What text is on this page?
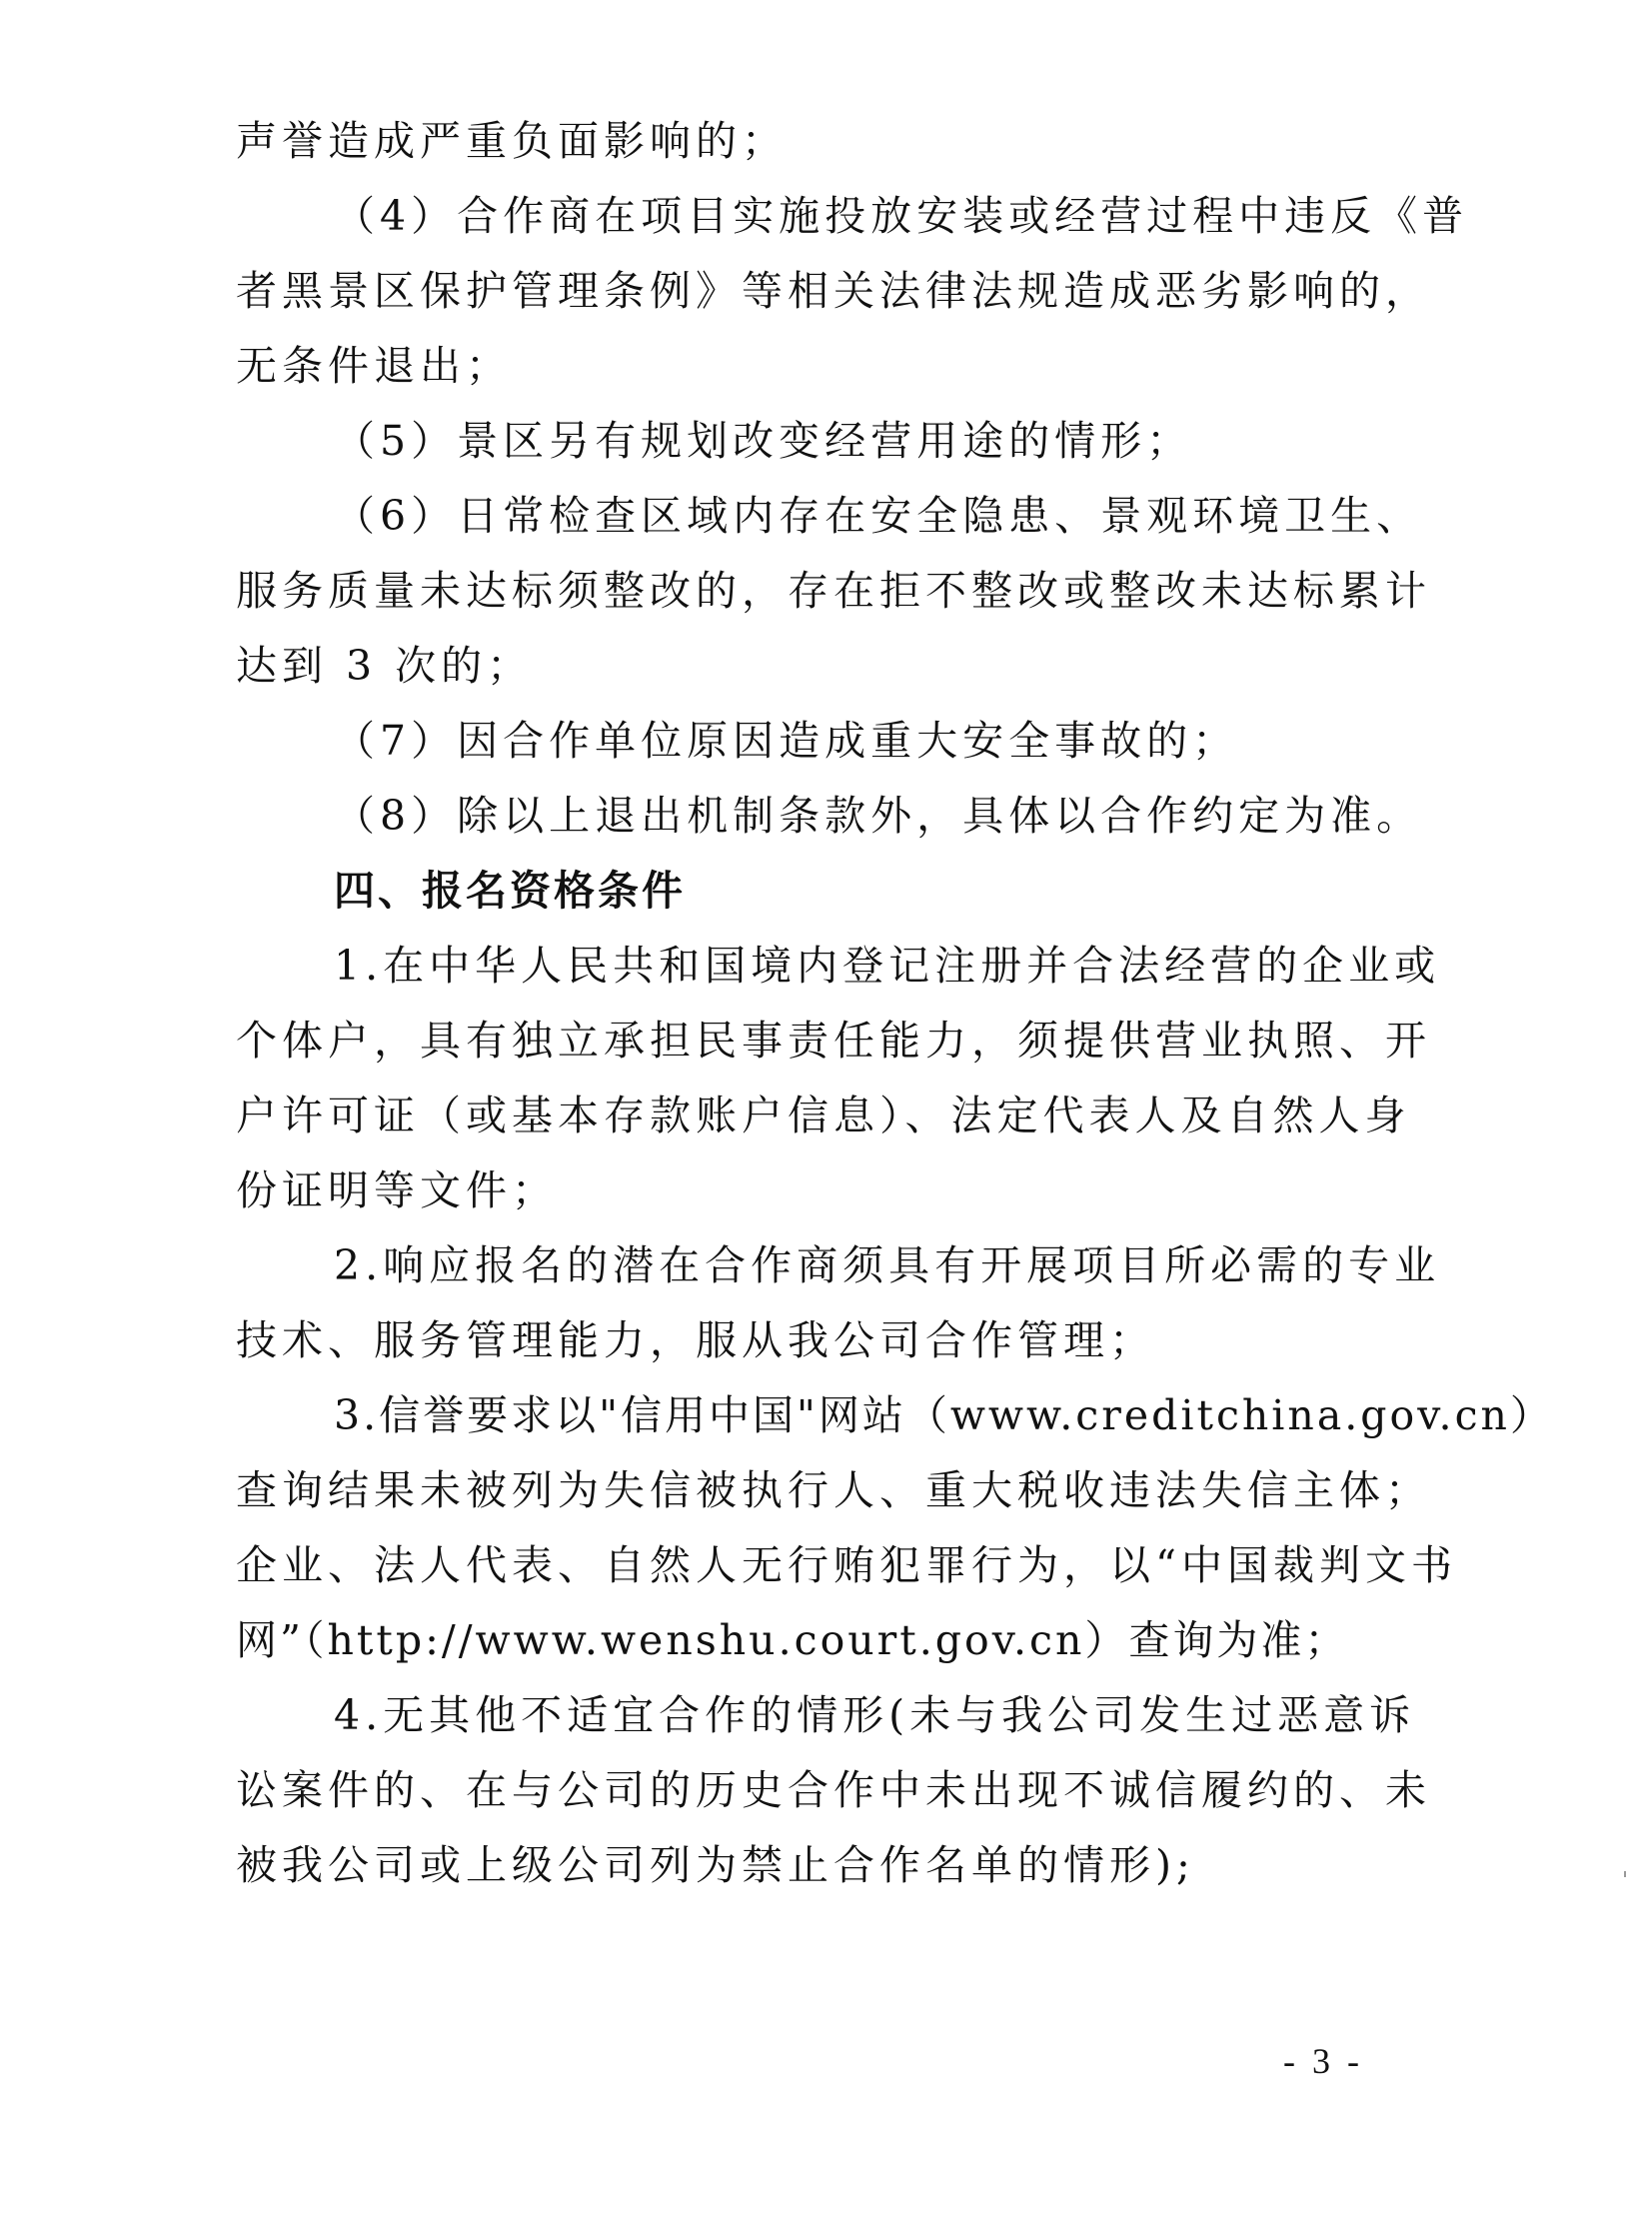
声誉造成严重负面影响的；
（4）合作商在项目实施投放安装或经营过程中违反《普
者黑景区保护管理条例》等相关法律法规造成恶劣影响的，
无条件退出；
（5）景区另有规划改变经营用途的情形；
（6）日常检查区域内存在安全隐患、景观环境卫生、
服务质量未达标须整改的，存在拒不整改或整改未达标累计
达到 3 次的；
（7）因合作单位原因造成重大安全事故的；
（8）除以上退出机制条款外，具体以合作约定为准。
四、报名资格条件
1.在中华人民共和国境内登记注册并合法经营的企业或
个体户，具有独立承担民事责任能力，须提供营业执照、开
户许可证（或基本存款账户信息）、法定代表人及自然人身
份证明等文件；
2.响应报名的潜在合作商须具有开展项目所必需的专业
技术、服务管理能力，服从我公司合作管理；
3.信誉要求以"信用中国"网站（www.creditchina.gov.cn）
查询结果未被列为失信被执行人、重大税收违法失信主体；
企业、法人代表、自然人无行贿犯罪行为，以“中国裁判文书
网”（http://www.wenshu.court.gov.cn）查询为准；
4.无其他不适宜合作的情形(未与我公司发生过恶意诉
讼案件的、在与公司的历史合作中未出现不诚信履约的、未
被我公司或上级公司列为禁止合作名单的情形);
- 3 -
